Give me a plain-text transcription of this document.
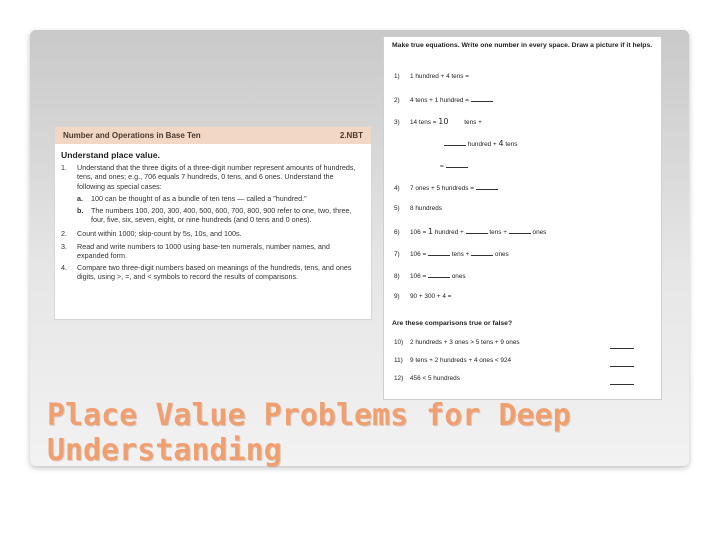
Number and Operations in Base Ten	2.NBT
Understand place value.
1.	Understand that the three digits of a three-digit number represent amounts of hundreds, tens, and ones; e.g., 706 equals 7 hundreds, 0 tens, and 6 ones. Understand the following as special cases:
a.	100 can be thought of as a bundle of ten tens — called a "hundred."
b.	The numbers 100, 200, 300, 400, 500, 600, 700, 800, 900 refer to one, two, three, four, five, six, seven, eight, or nine hundreds (and 0 tens and 0 ones).
2.	Count within 1000; skip-count by 5s, 10s, and 100s.
3.	Read and write numbers to 1000 using base-ten numerals, number names, and expanded form.
4.	Compare two three-digit numbers based on meanings of the hundreds, tens, and ones digits, using >, =, and < symbols to record the results of comparisons.
Make true equations. Write one number in every space. Draw a picture if it helps.
1) 1 hundred + 4 tens =
2) 4 tens + 1 hundred =
3) 14 tens = 10 tens +
hundred + 4 tens
=
4) 7 ones + 5 hundreds =
5) 8 hundreds
6) 106 = 1 hundred +	tens +	ones
7) 106 =	tens +	ones
8) 106 =	ones
9) 90 + 300 + 4 =
Are these comparisons true or false?
10) 2 hundreds + 3 ones > 5 tens + 9 ones
11) 9 tens + 2 hundreds + 4 ones < 924
12) 456 < 5 hundreds
Place Value Problems for Deep
Understanding
